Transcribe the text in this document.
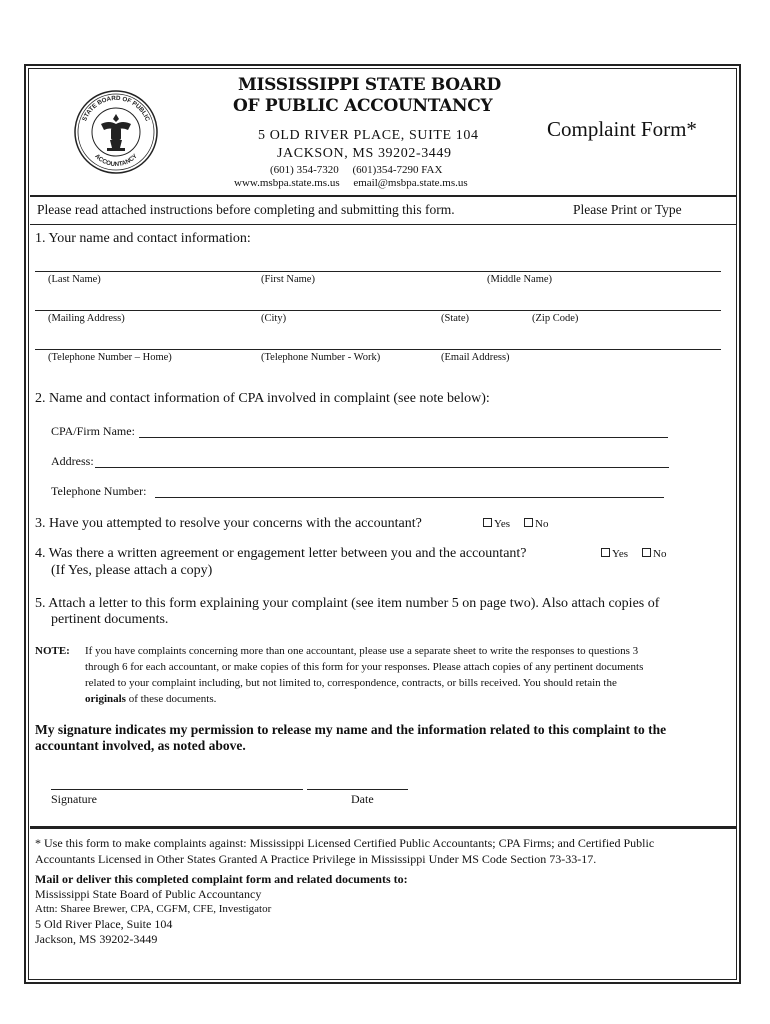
STATE BOARD OF PUBLIC
ACCOUNTANCY
MISSISSIPPI STATE BOARD
OF PUBLIC ACCOUNTANCY
5 OLD RIVER PLACE, SUITE 104
JACKSON, MS 39202-3449
(601) 354-7320     (601)354-7290 FAX
www.msbpa.state.ms.us     email@msbpa.state.ms.us
Complaint Form*
Please read attached instructions before completing and submitting this form.	Please Print or Type
1. Your name and contact information:
(Last Name)	(First Name)	(Middle Name)
(Mailing Address)	(City)	(State)	(Zip Code)
(Telephone Number – Home)	(Telephone Number - Work)	(Email Address)
2. Name and contact information of CPA involved in complaint (see note below):
CPA/Firm Name:
Address:
Telephone Number:
3. Have you attempted to resolve your concerns with the accountant?	Yes	No
4. Was there a written agreement or engagement letter between you and the accountant?	Yes	No
(If Yes, please attach a copy)
5. Attach a letter to this form explaining your complaint (see item number 5 on page two). Also attach copies of
pertinent documents.
NOTE: If you have complaints concerning more than one accountant, please use a separate sheet to write the responses to questions 3
through 6 for each accountant, or make copies of this form for your responses. Please attach copies of any pertinent documents
related to your complaint including, but not limited to, correspondence, contracts, or bills received. You should retain the
originals of these documents.
My signature indicates my permission to release my name and the information related to this complaint to the
accountant involved, as noted above.
Signature	Date
* Use this form to make complaints against: Mississippi Licensed Certified Public Accountants; CPA Firms; and Certified Public
Accountants Licensed in Other States Granted A Practice Privilege in Mississippi Under MS Code Section 73-33-17.
Mail or deliver this completed complaint form and related documents to:
Mississippi State Board of Public Accountancy
Attn: Sharee Brewer, CPA, CGFM, CFE, Investigator
5 Old River Place, Suite 104
Jackson, MS 39202-3449
